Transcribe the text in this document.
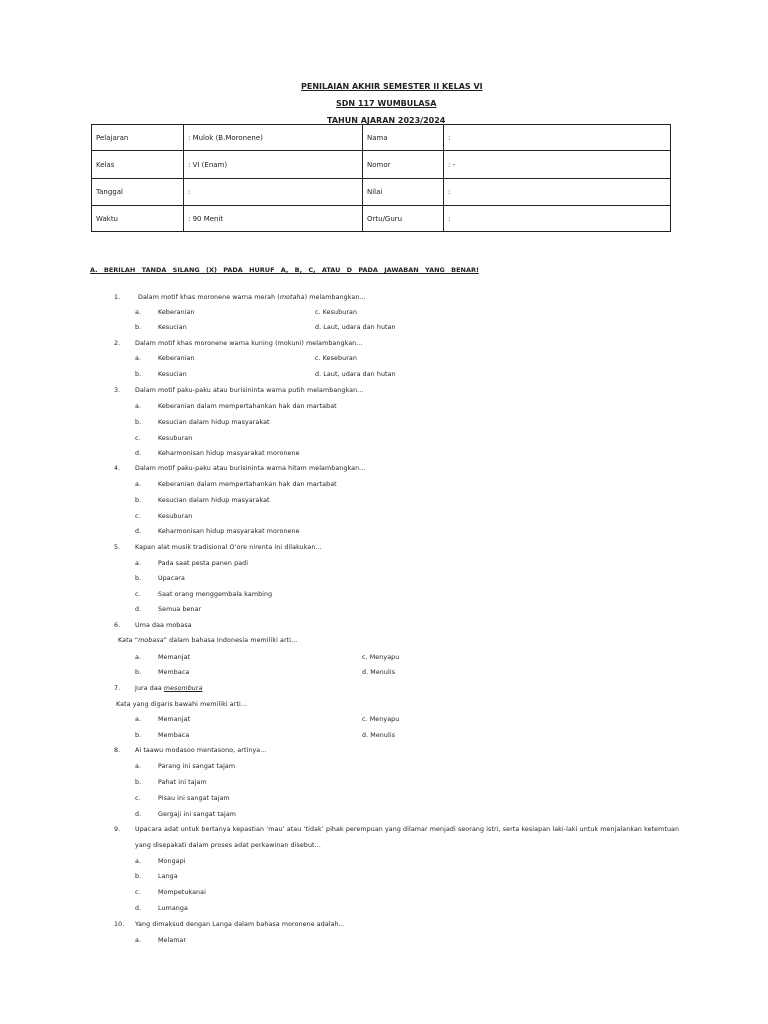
PENILAIAN AKHIR SEMESTER II KELAS VI
SDN 117 WUMBULASA
TAHUN AJARAN 2023/2024
Pelajaran	: Mulok (B.Moronene)	Nama	:
Kelas	: VI (Enam)	Nomor	: -
Tanggal	:	Nilai	:
Waktu	: 90 Menit	Ortu/Guru	:
A. BERILAH TANDA SILANG (X) PADA HURUF A, B, C, ATAU D PADA JAWABAN YANG BENAR!
1.	Dalam motif khas moronene warna merah (motaha) melambangkan...
a.	Keberanian	c. Kesuburan
b.	Kesucian	d. Laut, udara dan hutan
2. Dalam motif khas moronene warna kuning (mokuni) melambangkan...
a.	Keberanian	c. Keseburan
b.	Kesucian	d. Laut, udara dan hutan
3. Dalam motif paku-paku atau burisininta warna putih melambangkan...
a.	Keberanian dalam mempertahankan hak dan martabat
b.	Kesucian dalam hidup masyarakat
c.	Kesuburan
d.	Keharmonisan hidup masyarakat moronene
4. Dalam motif paku-paku atau burisininta warna hitam melambangkan...
a.	Keberanian dalam mempertahankan hak dan martabat
b.	Kesucian dalam hidup masyarakat
c.	Kesuburan
d.	Keharmonisan hidup masyarakat moronene
5. Kapan alat musik tradisional O’ore nirenta ini dilakukan...
a.	Pada saat pesta panen padi
b.	Upacara
c.	Saat orang menggembala kambing
d.	Semua benar
6. Uma daa mobasa
Kata “mobasa” dalam bahasa Indonesia memiliki arti...
a.	Memanjat	c. Menyapu
b.	Membaca	d. Menulis
7. Jura daa mesombura
Kata yang digaris bawahi memiliki arti...
a.	Memanjat	c. Menyapu
b.	Membaca	d. Menulis
8. Ai taawu modasoo mentasono, artinya...
a.	Parang ini sangat tajam
b.	Pahat ini tajam
c.	Pisau ini sangat tajam
d.	Gergaji ini sangat tajam
9. Upacara adat untuk bertanya kepastian ‘mau’ atau ‘tidak’ pihak perempuan yang dilamar menjadi seorang istri, serta kesiapan laki-laki untuk menjalankan ketemtuan
yang disepakati dalam proses adat perkawinan disebut...
a.	Mongapi
b.	Langa
c.	Mompetukanai
d.	Lumanga
10. Yang dimaksud dengan Langa dalam bahasa moronene adalah...
a.	Melamar
